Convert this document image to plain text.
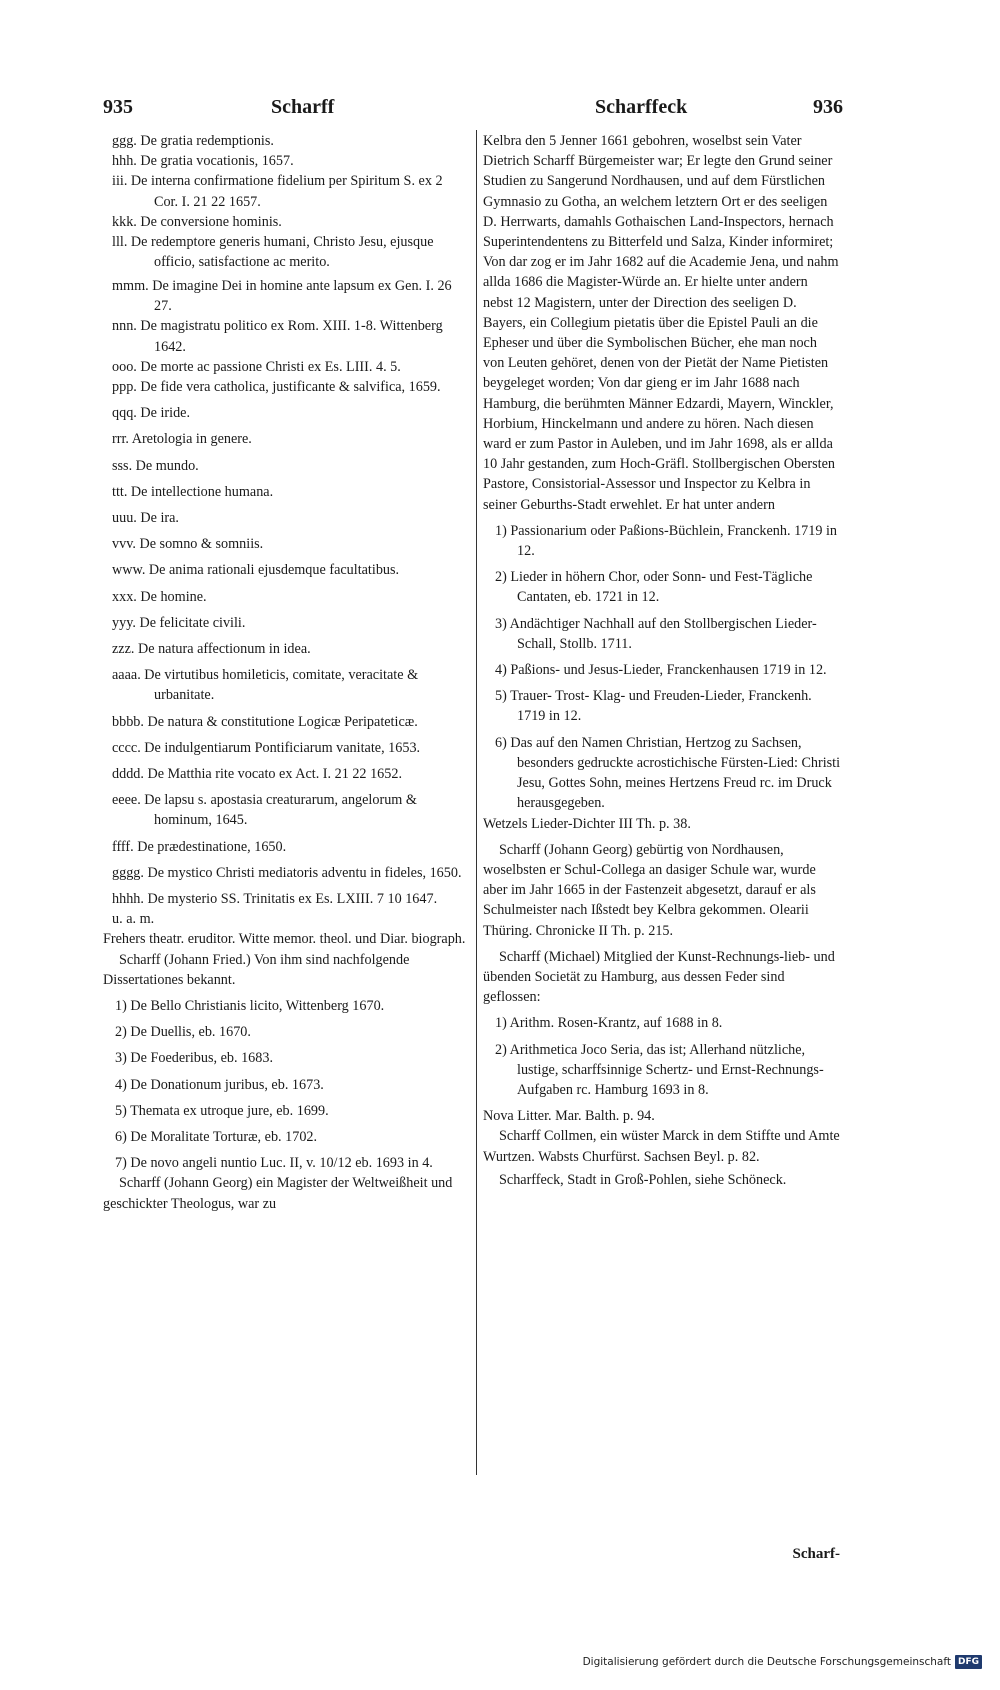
935	Scharff	Scharffeck	936

ggg. De gratia redemptionis.

hhh. De gratia vocationis, 1657.

iii. De interna confirmatione fidelium per Spiritum S. ex 2 Cor. I. 21 22 1657.

kkk. De conversione hominis.

lll. De redemptore generis humani, Christo Jesu, ejusque officio, satisfactione ac merito.

mmm. De imagine Dei in homine ante lapsum ex Gen. I. 26 27.

nnn. De magistratu politico ex Rom. XIII. 1-8. Wittenberg 1642.

ooo. De morte ac passione Christi ex Es. LIII. 4. 5.

ppp. De fide vera catholica, justificante & salvifica, 1659.

qqq. De iride.

rrr. Aretologia in genere.

sss. De mundo.

ttt. De intellectione humana.

uuu. De ira.

vvv. De somno & somniis.

www. De anima rationali ejusdemque facultatibus.

xxx. De homine.

yyy. De felicitate civili.

zzz. De natura affectionum in idea.

aaaa. De virtutibus homileticis, comitate, veracitate & urbanitate.

bbbb. De natura & constitutione Logicæ Peripateticæ.

cccc. De indulgentiarum Pontificiarum vanitate, 1653.

dddd. De Matthia rite vocato ex Act. I. 21 22 1652.

eeee. De lapsu s. apostasia creaturarum, angelorum & hominum, 1645.

ffff. De prædestinatione, 1650.

gggg. De mystico Christi mediatoris adventu in fideles, 1650.

hhhh. De mysterio SS. Trinitatis ex Es. LXIII. 7 10 1647.

u. a. m.

Frehers theatr. eruditor. Witte memor. theol. und Diar. biograph.

Scharff (Johann Fried.) Von ihm sind nachfolgende Dissertationes bekannt.

1) De Bello Christianis licito, Wittenberg 1670.

2) De Duellis, eb. 1670.

3) De Foederibus, eb. 1683.

4) De Donationum juribus, eb. 1673.

5) Themata ex utroque jure, eb. 1699.

6) De Moralitate Torturæ, eb. 1702.

7) De novo angeli nuntio Luc. II, v. 10/12 eb. 1693 in 4.

Scharff (Johann Georg) ein Magister der Weltweißheit und geschickter Theologus, war zu

Kelbra den 5 Jenner 1661 gebohren, woselbst sein Vater Dietrich Scharff Bürgemeister war; Er legte den Grund seiner Studien zu Sangerund Nordhausen, und auf dem Fürstlichen Gymnasio zu Gotha, an welchem letztern Ort er des seeligen D. Herrwarts, damahls Gothaischen Land-Inspectors, hernach Superintendentens zu Bitterfeld und Salza, Kinder informiret; Von dar zog er im Jahr 1682 auf die Academie Jena, und nahm allda 1686 die Magister-Würde an. Er hielte unter andern nebst 12 Magistern, unter der Direction des seeligen D. Bayers, ein Collegium pietatis über die Epistel Pauli an die Epheser und über die Symbolischen Bücher, ehe man noch von Leuten gehöret, denen von der Pietät der Name Pietisten beygeleget worden; Von dar gieng er im Jahr 1688 nach Hamburg, die berühmten Männer Edzardi, Mayern, Winckler, Horbium, Hinckelmann und andere zu hören. Nach diesen ward er zum Pastor in Auleben, und im Jahr 1698, als er allda 10 Jahr gestanden, zum Hoch-Gräfl. Stollbergischen Obersten Pastore, Consistorial-Assessor und Inspector zu Kelbra in seiner Geburths-Stadt erwehlet. Er hat unter andern

1) Passionarium oder Paßions-Büchlein, Franckenh. 1719 in 12.

2) Lieder in höhern Chor, oder Sonn- und Fest-Tägliche Cantaten, eb. 1721 in 12.

3) Andächtiger Nachhall auf den Stollbergischen Lieder-Schall, Stollb. 1711.

4) Paßions- und Jesus-Lieder, Franckenhausen 1719 in 12.

5) Trauer- Trost- Klag- und Freuden-Lieder, Franckenh. 1719 in 12.

6) Das auf den Namen Christian, Hertzog zu Sachsen, besonders gedruckte acrostichische Fürsten-Lied: Christi Jesu, Gottes Sohn, meines Hertzens Freud rc. im Druck herausgegeben.

Wetzels Lieder-Dichter III Th. p. 38.

Scharff (Johann Georg) gebürtig von Nordhausen, woselbsten er Schul-Collega an dasiger Schule war, wurde aber im Jahr 1665 in der Fastenzeit abgesetzt, darauf er als Schulmeister nach Ißstedt bey Kelbra gekommen. Olearii Thüring. Chronicke II Th. p. 215.

Scharff (Michael) Mitglied der Kunst-Rechnungs-lieb- und übenden Societät zu Hamburg, aus dessen Feder sind geflossen:

1) Arithm. Rosen-Krantz, auf 1688 in 8.

2) Arithmetica Joco Seria, das ist; Allerhand nützliche, lustige, scharffsinnige Schertz- und Ernst-Rechnungs-Aufgaben rc. Hamburg 1693 in 8.

Nova Litter. Mar. Balth. p. 94.

Scharff Collmen, ein wüster Marck in dem Stiffte und Amte Wurtzen. Wabsts Churfürst. Sachsen Beyl. p. 82.

Scharffeck, Stadt in Groß-Pohlen, siehe Schöneck.

Scharf-
Digitalisierung gefördert durch die Deutsche Forschungsgemeinschaft DFG
